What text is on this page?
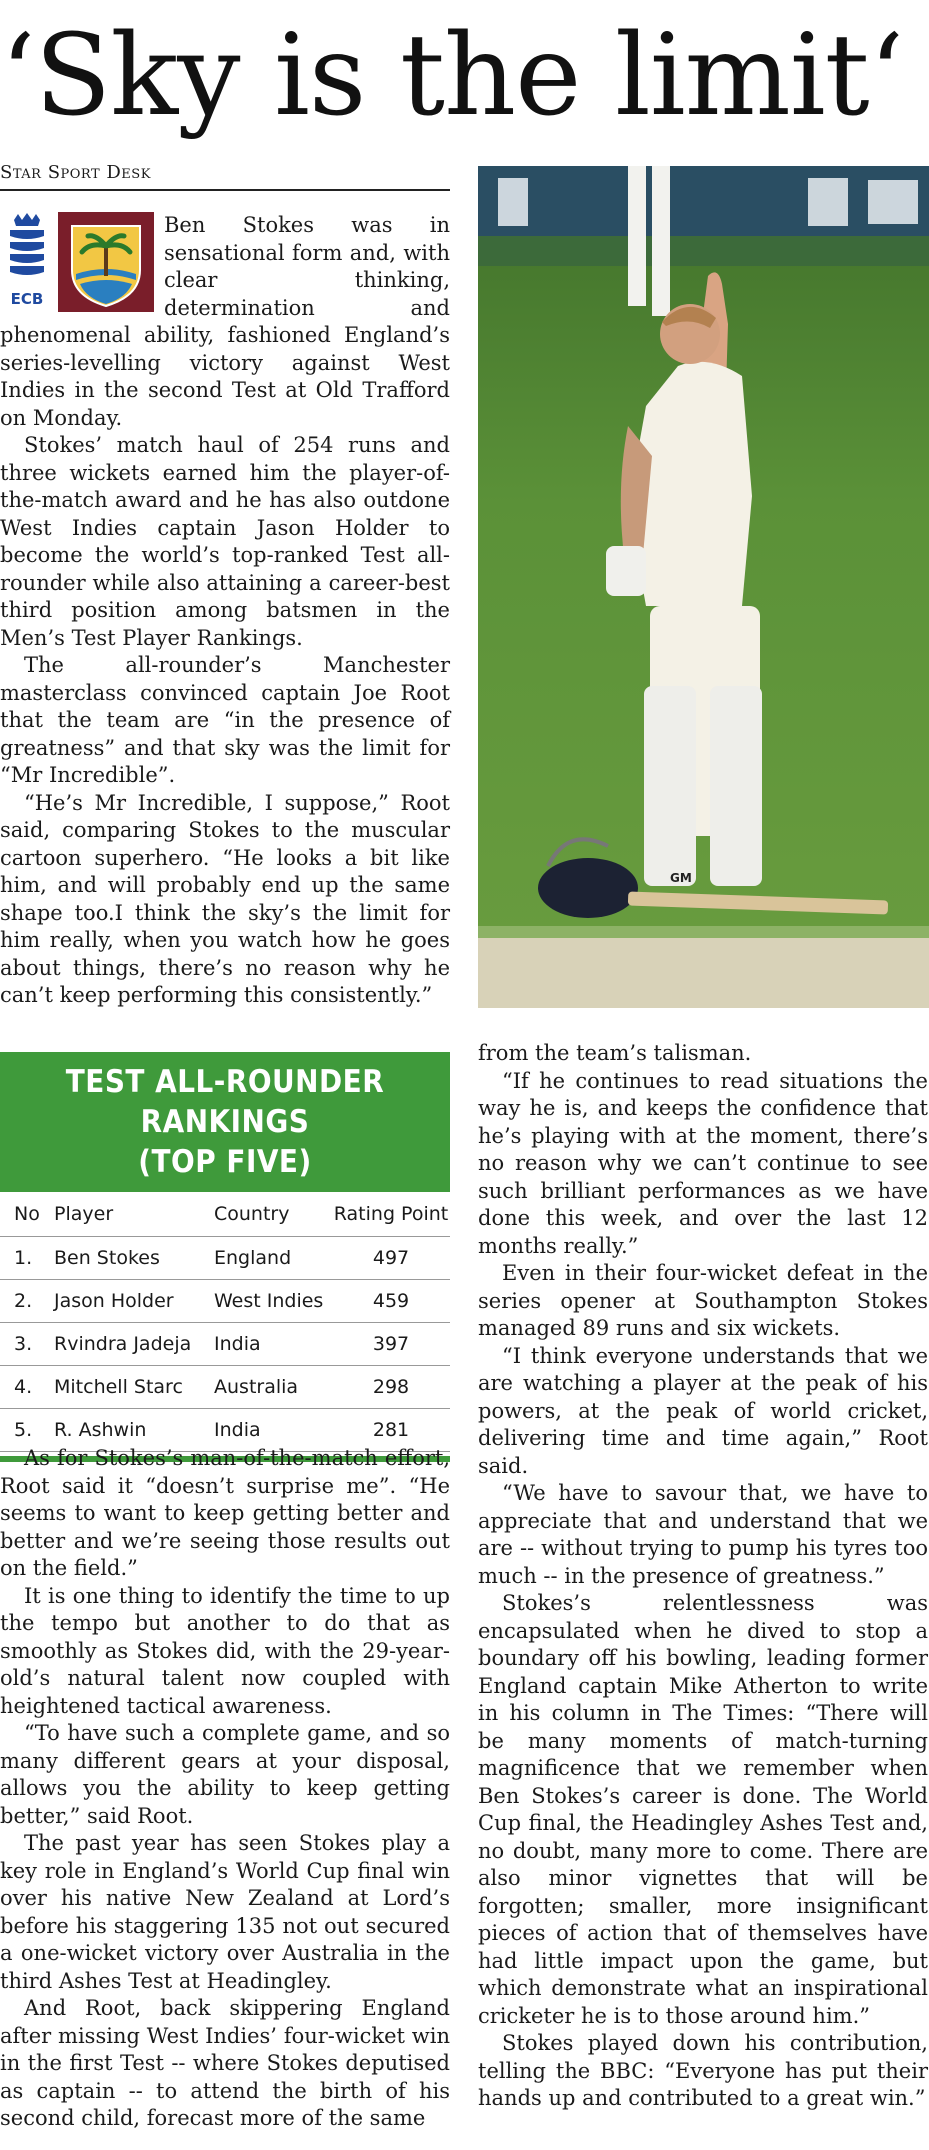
‘Sky is the limit‘
Star Sport Desk
ECB

Ben Stokes was in sensational form and, with clear thinking, determination and phenomenal ability, fashioned England’s series-levelling victory against West Indies in the second Test at Old Trafford on Monday.

Stokes’ match haul of 254 runs and three wickets earned him the player-of-the-match award and he has also outdone West Indies captain Jason Holder to become the world’s top-ranked Test all-rounder while also attaining a career-best third position among batsmen in the Men’s Test Player Rankings.

The all-rounder’s Manchester masterclass convinced captain Joe Root that the team are “in the presence of greatness” and that sky was the limit for “Mr Incredible”.

“He’s Mr Incredible, I suppose,” Root said, comparing Stokes to the muscular cartoon superhero. “He looks a bit like him, and will probably end up the same shape too.I think the sky’s the limit for him really, when you watch how he goes about things, there’s no reason why he can’t keep performing this consistently.”

GM
TEST ALL-ROUNDER RANKINGS
(TOP FIVE)
No	Player	Country	Rating Point
1.	Ben Stokes	England	497
2.	Jason Holder	West Indies	459
3.	Rvindra Jadeja	India	397
4.	Mitchell Starc	Australia	298
5.	R. Ashwin	India	281

As for Stokes’s man-of-the-match effort, Root said it “doesn’t surprise me”. “He seems to want to keep getting better and better and we’re seeing those results out on the field.”

It is one thing to identify the time to up the tempo but another to do that as smoothly as Stokes did, with the 29-year-old’s natural talent now coupled with heightened tactical awareness.

“To have such a complete game, and so many different gears at your disposal, allows you the ability to keep getting better,” said Root.

The past year has seen Stokes play a key role in England’s World Cup final win over his native New Zealand at Lord’s before his staggering 135 not out secured a one-wicket victory over Australia in the third Ashes Test at Headingley.

And Root, back skippering England after missing West Indies’ four-wicket win in the first Test -- where Stokes deputised as captain -- to attend the birth of his second child, forecast more of the same

from the team’s talisman.

“If he continues to read situations the way he is, and keeps the confidence that he’s playing with at the moment, there’s no reason why we can’t continue to see such brilliant performances as we have done this week, and over the last 12 months really.”

Even in their four-wicket defeat in the series opener at Southampton Stokes managed 89 runs and six wickets.

“I think everyone understands that we are watching a player at the peak of his powers, at the peak of world cricket, delivering time and time again,” Root said.

“We have to savour that, we have to appreciate that and understand that we are -- without trying to pump his tyres too much -- in the presence of greatness.”

Stokes’s relentlessness was encapsulated when he dived to stop a boundary off his bowling, leading former England captain Mike Atherton to write in his column in The Times: “There will be many moments of match-turning magnificence that we remember when Ben Stokes’s career is done. The World Cup final, the Headingley Ashes Test and, no doubt, many more to come. There are also minor vignettes that will be forgotten; smaller, more insignificant pieces of action that of themselves have had little impact upon the game, but which demonstrate what an inspirational cricketer he is to those around him.”

Stokes played down his contribution, telling the BBC: “Everyone has put their hands up and contributed to a great win.”
